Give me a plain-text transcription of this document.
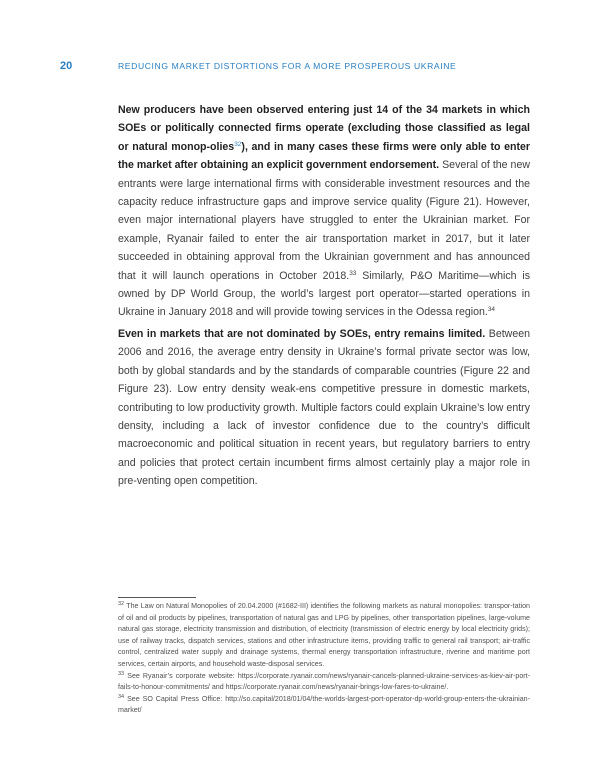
20	REDUCING MARKET DISTORTIONS FOR A MORE PROSPEROUS UKRAINE

New producers have been observed entering just 14 of the 34 markets in which SOEs or politically connected firms operate (excluding those classified as legal or natural monop-olies$^{32}$), and in many cases these firms were only able to enter the market after obtaining an explicit government endorsement. Several of the new entrants were large international firms with considerable investment resources and the capacity reduce infrastructure gaps and improve service quality (Figure 21). However, even major international players have struggled to enter the Ukrainian market. For example, Ryanair failed to enter the air transportation market in 2017, but it later succeeded in obtaining approval from the Ukrainian government and has announced that it will launch operations in October 2018.33 Similarly, P&O Maritime—which is owned by DP World Group, the world’s largest port operator—started operations in Ukraine in January 2018 and will provide towing services in the Odessa region.$^{34}$

Even in markets that are not dominated by SOEs, entry remains limited. Between 2006 and 2016, the average entry density in Ukraine’s formal private sector was low, both by global standards and by the standards of comparable countries (Figure 22 and Figure 23). Low entry density weak-ens competitive pressure in domestic markets, contributing to low productivity growth. Multiple factors could explain Ukraine’s low entry density, including a lack of investor confidence due to the country’s difficult macroeconomic and political situation in recent years, but regulatory barriers to entry and policies that protect certain incumbent firms almost certainly play a major role in pre-venting open competition.

$^{32}$ The Law on Natural Monopolies of 20.04.2000 (#1682-III) identifies the following markets as natural monopolies: transpor-tation of oil and oil products by pipelines, transportation of natural gas and LPG by pipelines, other transportation pipelines, large-volume natural gas storage, electricity transmission and distribution, of electricity (transmission of electric energy by local electricity grids); use of railway tracks, dispatch services, stations and other infrastructure items, providing traffic to general rail transport; air-traffic control, centralized water supply and drainage systems, thermal energy transportation infrastructure, riverine and maritime port services, certain airports, and household waste-disposal services.

$^{33}$ See Ryanair’s corporate website: https://corporate.ryanair.com/news/ryanair-cancels-planned-ukraine-services-as-kiev-air-port-fails-to-honour-commitments/ and https://corporate.ryanair.com/news/ryanair-brings-low-fares-to-ukraine/.

$^{34}$ See SO Capital Press Office: http://so.capital/2018/01/04/the-worlds-largest-port-operator-dp-world-group-enters-the-ukrainian-market/
